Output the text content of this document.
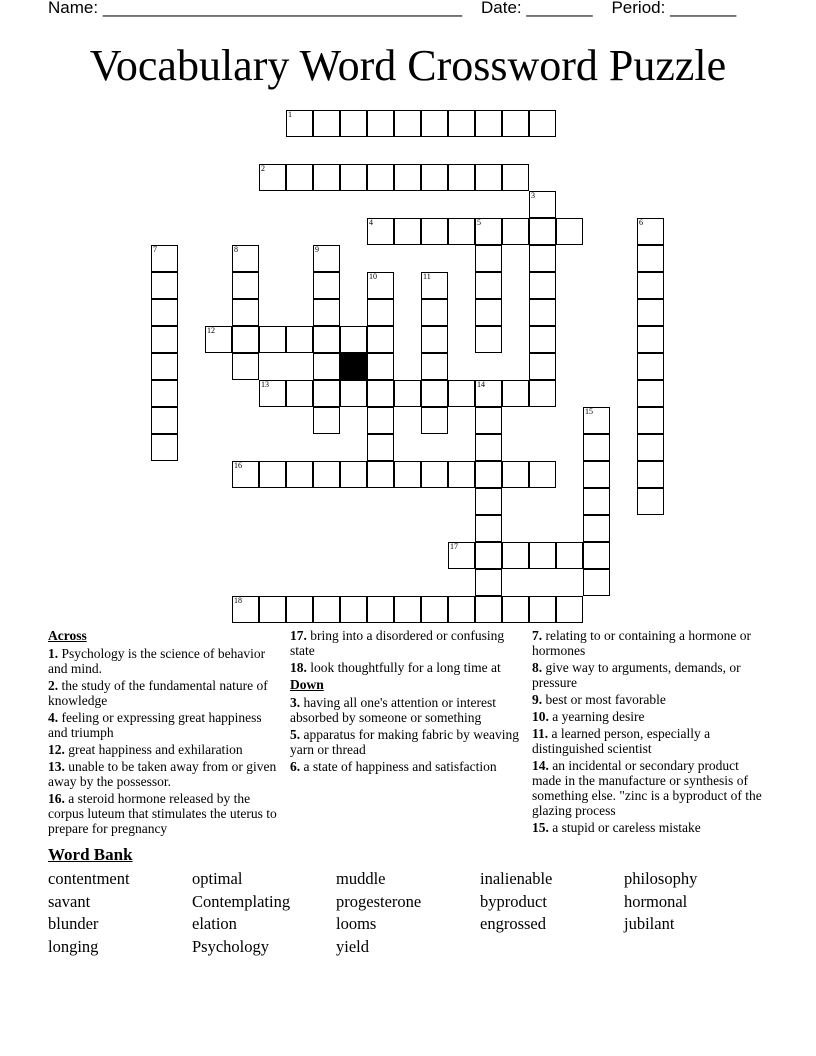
Name: ______________________________________ Date: _______ Period: _______
Vocabulary Word Crossword Puzzle
1
2
3
4	5	6
7	8	9
10	11
12
13	14
15
16
17
18
Across
1. Psychology is the science of behavior and mind.
2. the study of the fundamental nature of knowledge
4. feeling or expressing great happiness and triumph
12. great happiness and exhilaration
13. unable to be taken away from or given away by the possessor.
16. a steroid hormone released by the corpus luteum that stimulates the uterus to prepare for pregnancy
17. bring into a disordered or confusing state
18. look thoughtfully for a long time at
Down
3. having all one's attention or interest absorbed by someone or something
5. apparatus for making fabric by weaving yarn or thread
6. a state of happiness and satisfaction
7. relating to or containing a hormone or hormones
8. give way to arguments, demands, or pressure
9. best or most favorable
10. a yearning desire
11. a learned person, especially a distinguished scientist
14. an incidental or secondary product made in the manufacture or synthesis of something else. "zinc is a byproduct of the glazing process
15. a stupid or careless mistake
Word Bank
contentment	optimal	muddle	inalienable	philosophy
savant	Contemplating	progesterone	byproduct	hormonal
blunder	elation	looms	engrossed	jubilant
longing	Psychology	yield
